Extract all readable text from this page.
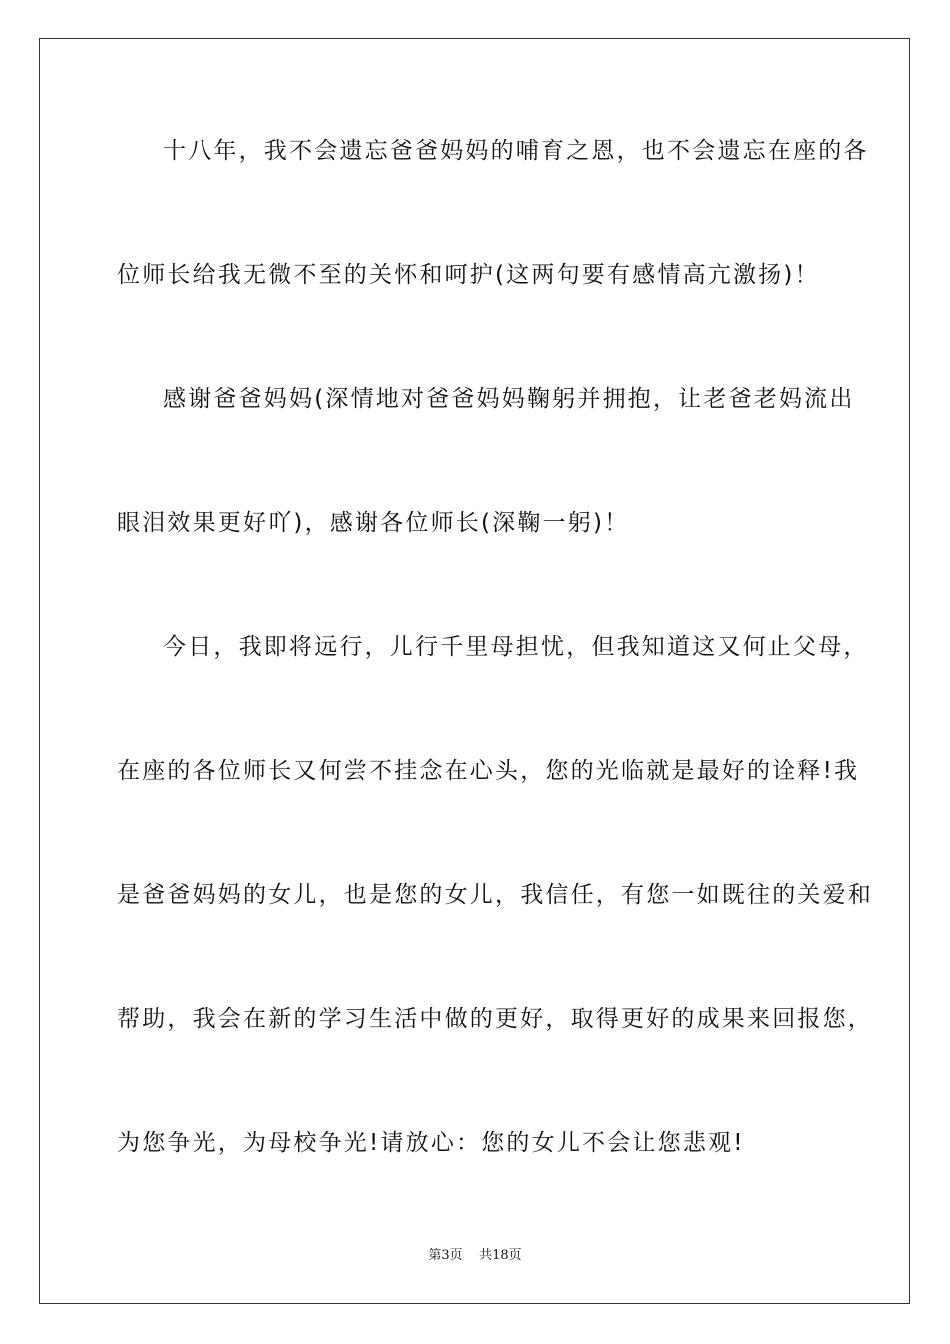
十八年，我不会遗忘爸爸妈妈的哺育之恩，也不会遗忘在座的各
位师长给我无微不至的关怀和呵护(这两句要有感情高亢激扬)！
感谢爸爸妈妈(深情地对爸爸妈妈鞠躬并拥抱，让老爸老妈流出
眼泪效果更好吖)，感谢各位师长(深鞠一躬)！
今日，我即将远行，儿行千里母担忧，但我知道这又何止父母，
在座的各位师长又何尝不挂念在心头，您的光临就是最好的诠释!我
是爸爸妈妈的女儿，也是您的女儿，我信任，有您一如既往的关爱和
帮助，我会在新的学习生活中做的更好，取得更好的成果来回报您，
为您争光，为母校争光!请放心：您的女儿不会让您悲观!
第3页 共18页
